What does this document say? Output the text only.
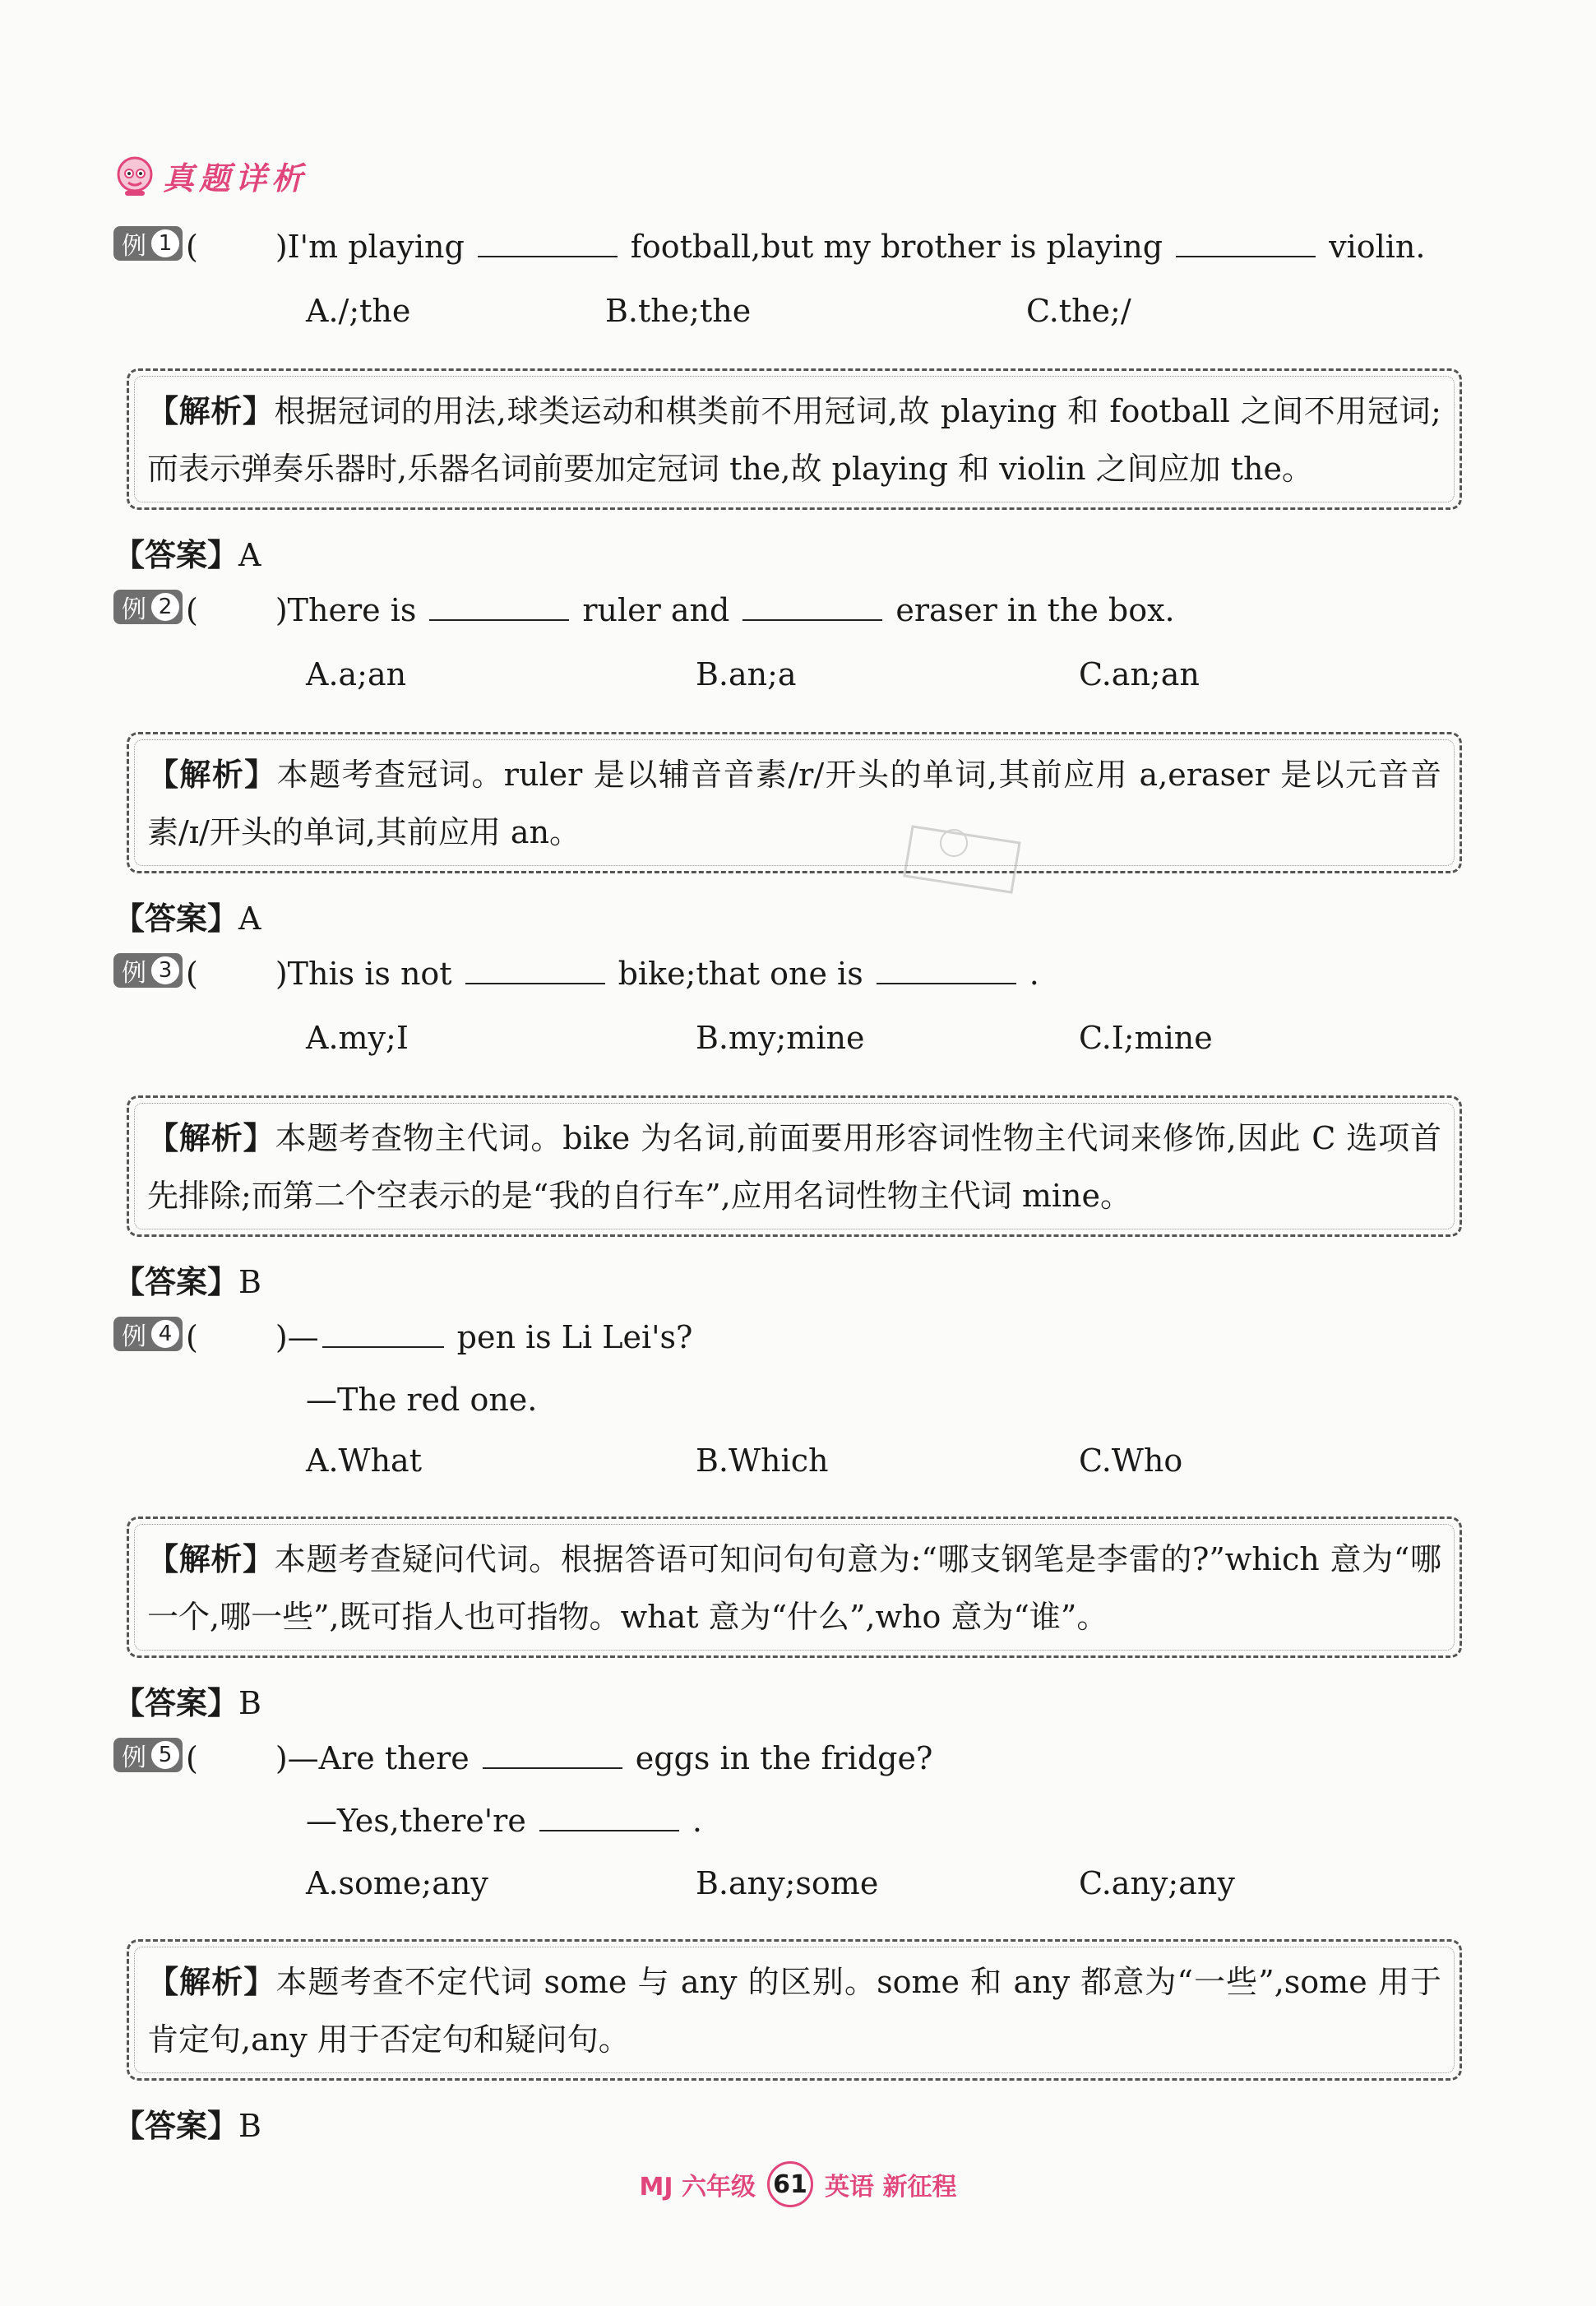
真题详析
例 1 ( ) I'm playing	football,but my brother is playing	violin.
A./;the	B.the;the	C.the;/
【解析】根据冠词的用法,球类运动和棋类前不用冠词,故 playing 和 football 之间不用冠词;而表示弹奏乐器时,乐器名词前要加定冠词 the,故 playing 和 violin 之间应加 the。
【答案】 A
例 2 ( ) There is	ruler and	eraser in the box.
A.a;an	B.an;a	C.an;an
【解析】本题考查冠词。ruler 是以辅音音素/r/开头的单词,其前应用 a,eraser 是以元音音素/ɪ/开头的单词,其前应用 an。
【答案】 A
例 3 ( ) This is not	bike;that one is	.
A.my;I	B.my;mine	C.I;mine
【解析】本题考查物主代词。bike 为名词,前面要用形容词性物主代词来修饰,因此 C 选项首先排除;而第二个空表示的是“我的自行车”,应用名词性物主代词 mine。
【答案】 B
例 4 ( ) —	pen is Li Lei's?
—The red one.
A.What	B.Which	C.Who
【解析】本题考查疑问代词。根据答语可知问句句意为:“哪支钢笔是李雷的?”which 意为“哪一个,哪一些”,既可指人也可指物。what 意为“什么”,who 意为“谁”。
【答案】 B
例 5 ( ) —Are there	eggs in the fridge?
—Yes,there're	.
A.some;any	B.any;some	C.any;any
【解析】本题考查不定代词 some 与 any 的区别。some 和 any 都意为“一些”,some 用于肯定句,any 用于否定句和疑问句。
【答案】 B
MJ 六年级 61 英语 新征程
